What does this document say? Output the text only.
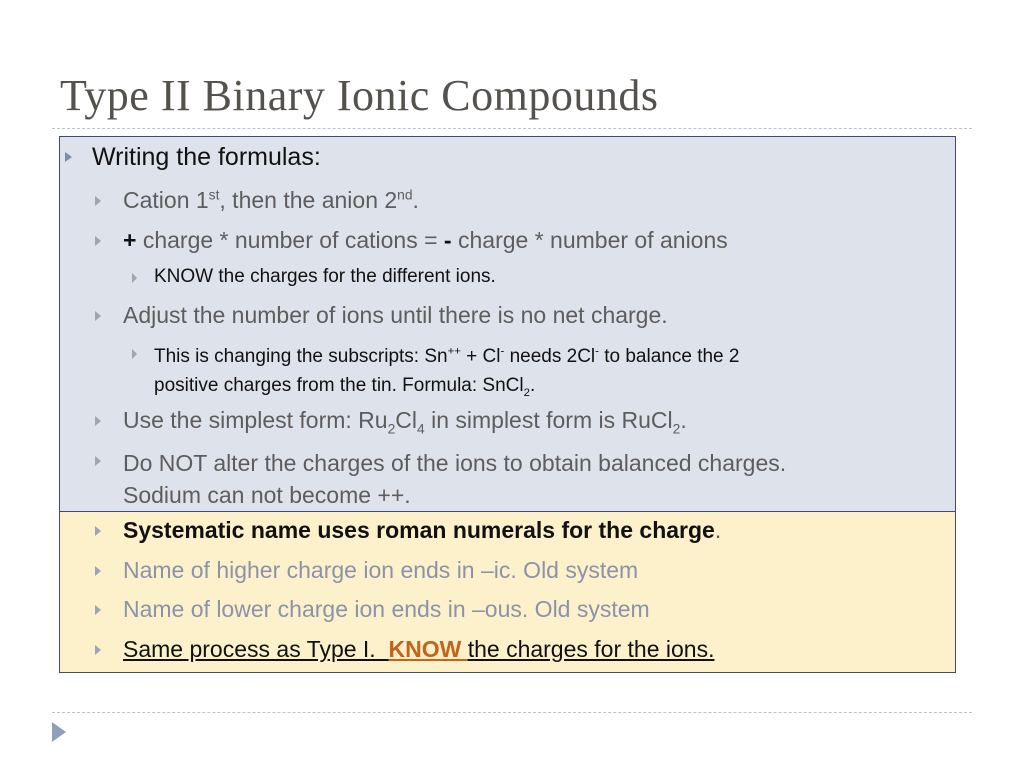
Type II Binary Ionic Compounds
Writing the formulas:
Cation 1st, then the anion 2nd.
+ charge * number of cations = - charge * number of anions
KNOW the charges for the different ions.
Adjust the number of ions until there is no net charge.
This is changing the subscripts: Sn++ + Cl- needs 2Cl- to balance the 2
positive charges from the tin. Formula: SnCl$_2$.
Use the simplest form: $Ru_2Cl_4$ in simplest form is RuCl$_2$.
Do NOT alter the charges of the ions to obtain balanced charges.
Sodium can not become ++.
Systematic name uses roman numerals for the charge.
Name of higher charge ion ends in –ic. Old system
Name of lower charge ion ends in –ous. Old system
Same process as Type I.  KNOW the charges for the ions.
